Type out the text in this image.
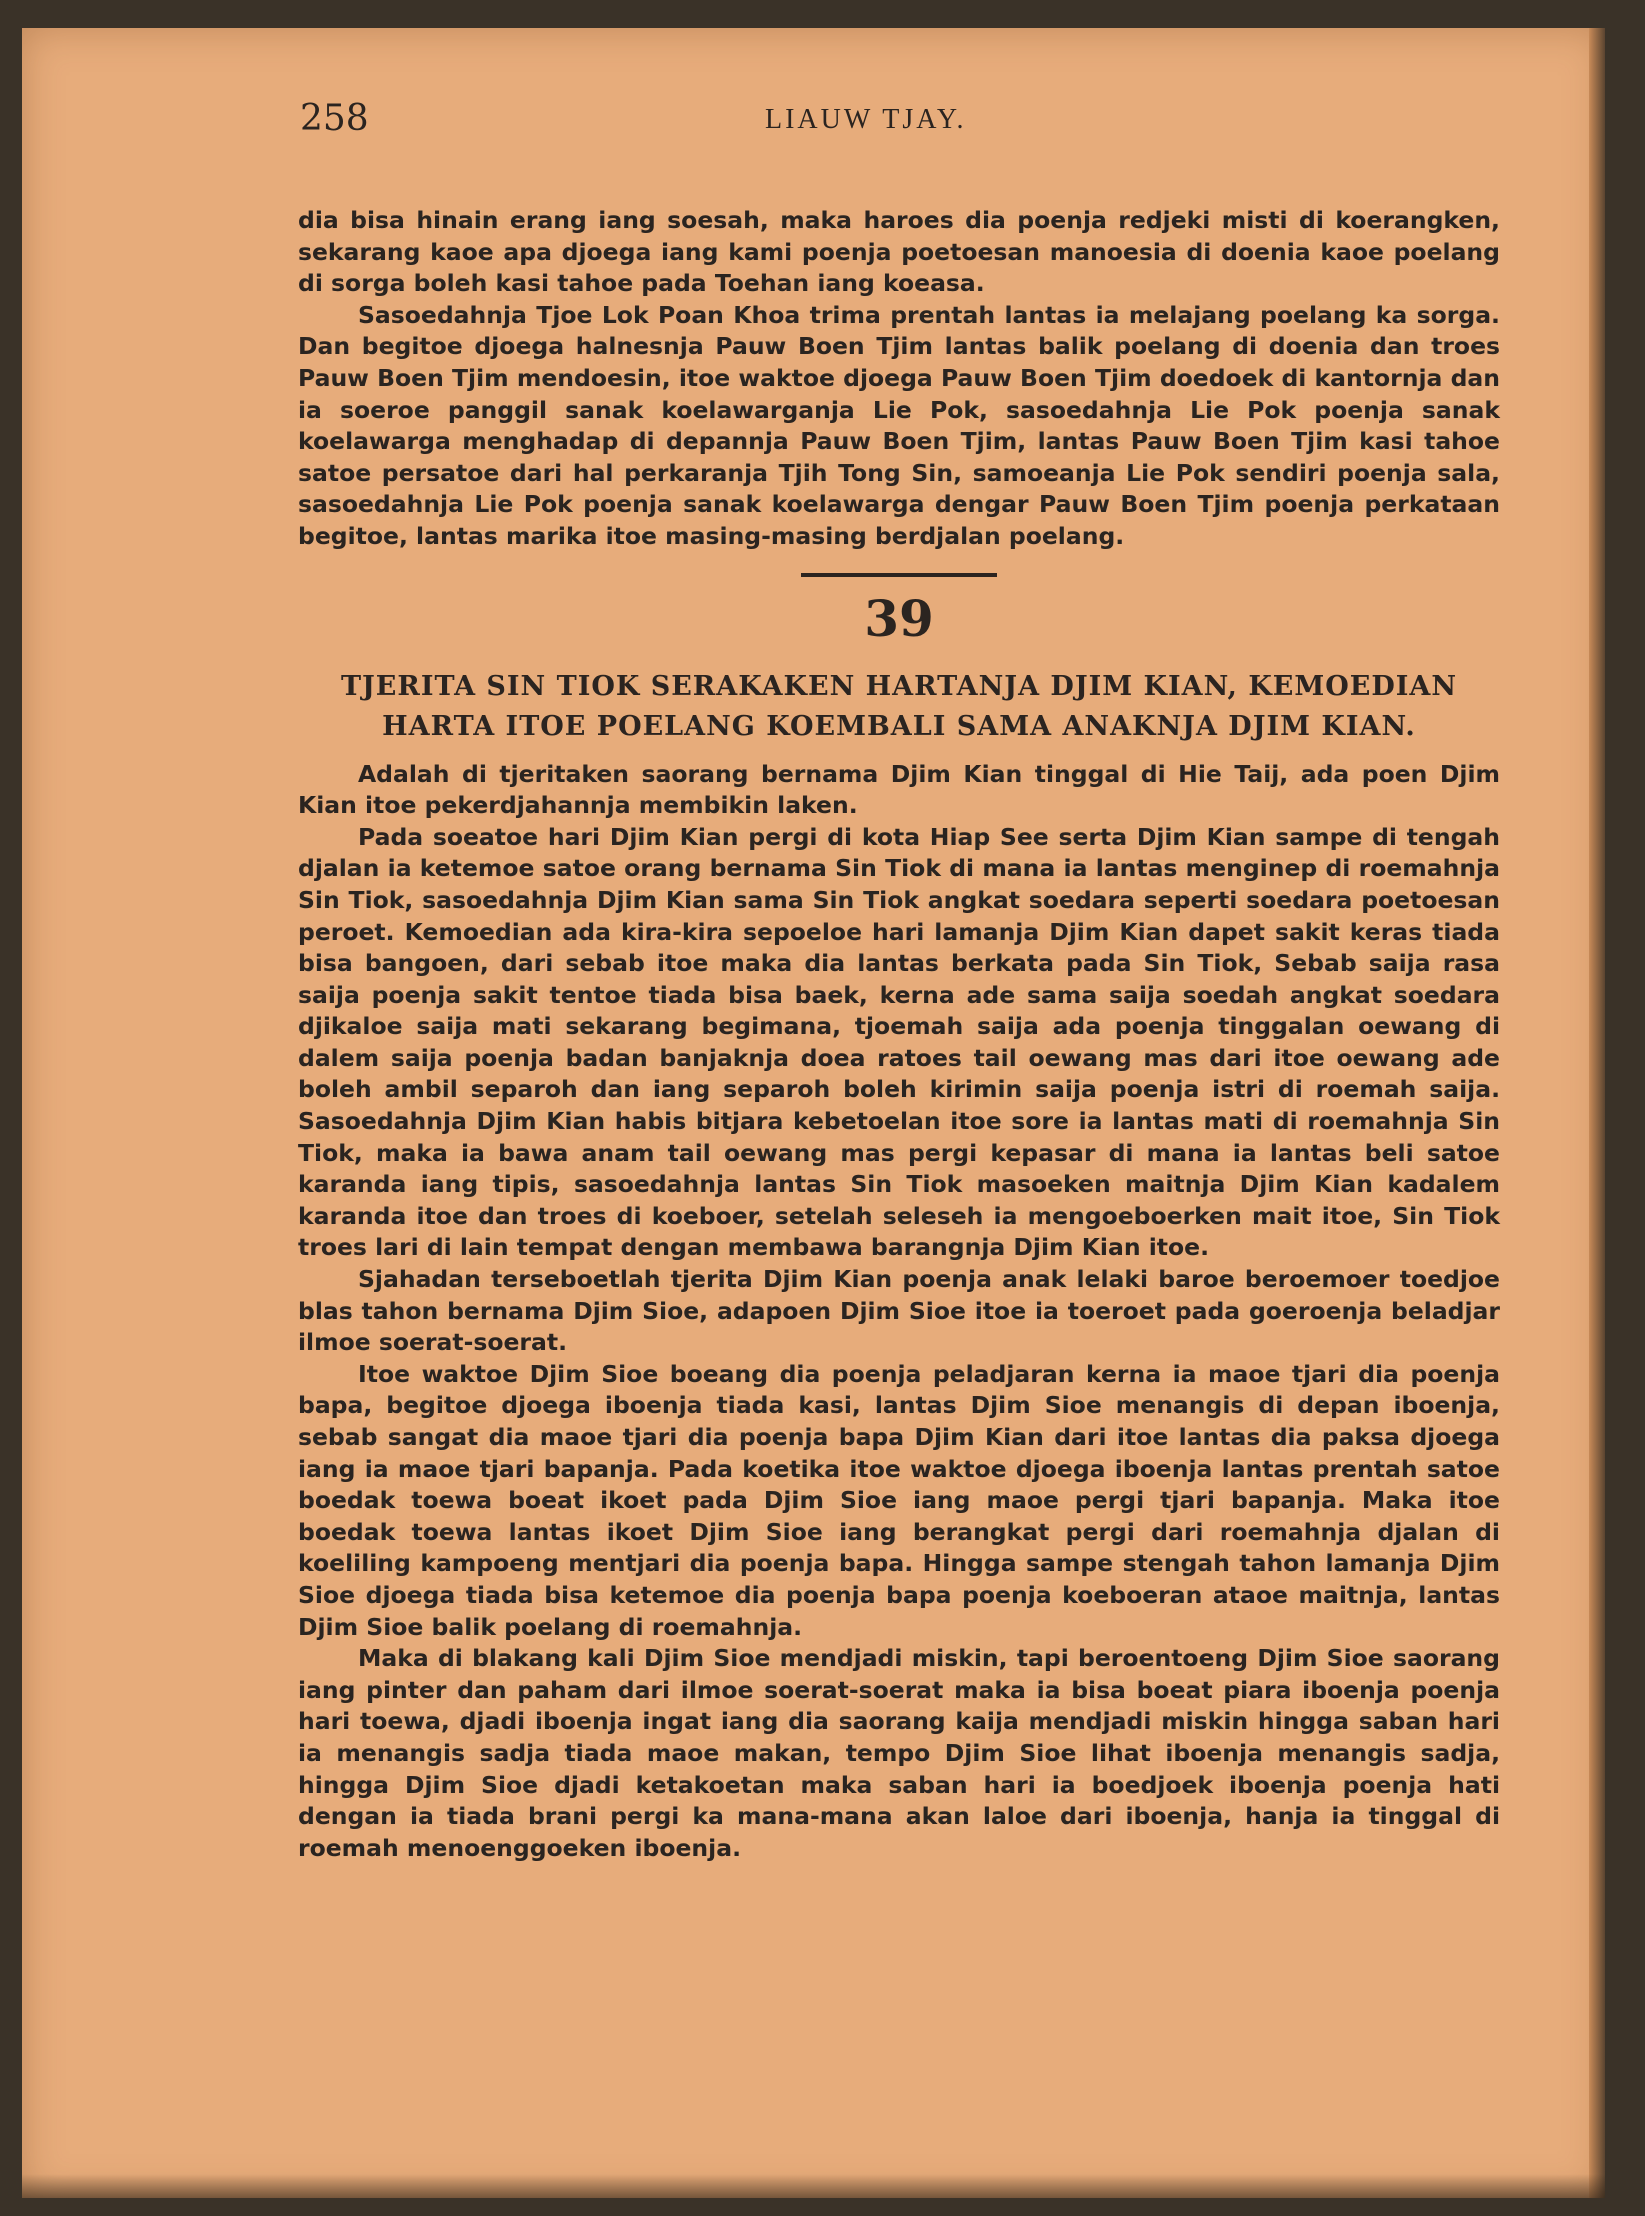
258	LIAUW TJAY.

dia bisa hinain erang iang soesah, maka haroes dia poenja redjeki misti di koerangken, sekarang kaoe apa djoega iang kami poenja poetoesan manoesia di doenia kaoe poelang di sorga boleh kasi tahoe pada Toehan iang koeasa.

Sasoedahnja Tjoe Lok Poan Khoa trima prentah lantas ia melajang poelang ka sorga. Dan begitoe djoega halnesnja Pauw Boen Tjim lantas balik poelang di doenia dan troes Pauw Boen Tjim mendoesin, itoe waktoe djoega Pauw Boen Tjim doedoek di kantornja dan ia soeroe panggil sanak koelawarganja Lie Pok, sasoedahnja Lie Pok poenja sanak koelawarga menghadap di depannja Pauw Boen Tjim, lantas Pauw Boen Tjim kasi tahoe satoe persatoe dari hal perkaranja Tjih Tong Sin, samoeanja Lie Pok sendiri poenja sala, sasoedahnja Lie Pok poenja sanak koelawarga dengar Pauw Boen Tjim poenja perkataan begitoe, lantas marika itoe masing-masing berdjalan poelang.

39
TJERITA SIN TIOK SERAKAKEN HARTANJA DJIM KIAN, KEMOEDIAN
HARTA ITOE POELANG KOEMBALI SAMA ANAKNJA DJIM KIAN.

Adalah di tjeritaken saorang bernama Djim Kian tinggal di Hie Taij, ada poen Djim Kian itoe pekerdjahannja membikin laken.

Pada soeatoe hari Djim Kian pergi di kota Hiap See serta Djim Kian sampe di tengah djalan ia ketemoe satoe orang bernama Sin Tiok di mana ia lantas menginep di roemahnja Sin Tiok, sasoedahnja Djim Kian sama Sin Tiok angkat soedara seperti soedara poetoesan peroet. Kemoedian ada kira-kira sepoeloe hari lamanja Djim Kian dapet sakit keras tiada bisa bangoen, dari sebab itoe maka dia lantas berkata pada Sin Tiok, Sebab saija rasa saija poenja sakit tentoe tiada bisa baek, kerna ade sama saija soedah angkat soedara djikaloe saija mati sekarang begimana, tjoemah saija ada poenja tinggalan oewang di dalem saija poenja badan banjaknja doea ratoes tail oewang mas dari itoe oewang ade boleh ambil separoh dan iang separoh boleh kirimin saija poenja istri di roemah saija. Sasoedahnja Djim Kian habis bitjara kebetoelan itoe sore ia lantas mati di roemahnja Sin Tiok, maka ia bawa anam tail oewang mas pergi kepasar di mana ia lantas beli satoe karanda iang tipis, sasoedahnja lantas Sin Tiok masoeken maitnja Djim Kian kadalem karanda itoe dan troes di koeboer, setelah seleseh ia mengoeboerken mait itoe, Sin Tiok troes lari di lain tempat dengan membawa barangnja Djim Kian itoe.

Sjahadan terseboetlah tjerita Djim Kian poenja anak lelaki baroe beroemoer toedjoe blas tahon bernama Djim Sioe, adapoen Djim Sioe itoe ia toeroet pada goeroenja beladjar ilmoe soerat-soerat.

Itoe waktoe Djim Sioe boeang dia poenja peladjaran kerna ia maoe tjari dia poenja bapa, begitoe djoega iboenja tiada kasi, lantas Djim Sioe menangis di depan iboenja, sebab sangat dia maoe tjari dia poenja bapa Djim Kian dari itoe lantas dia paksa djoega iang ia maoe tjari bapanja. Pada koetika itoe waktoe djoega iboenja lantas prentah satoe boedak toewa boeat ikoet pada Djim Sioe iang maoe pergi tjari bapanja. Maka itoe boedak toewa lantas ikoet Djim Sioe iang berangkat pergi dari roemahnja djalan di koeliling kampoeng mentjari dia poenja bapa. Hingga sampe stengah tahon lamanja Djim Sioe djoega tiada bisa ketemoe dia poenja bapa poenja koeboeran ataoe maitnja, lantas Djim Sioe balik poelang di roemahnja.

Maka di blakang kali Djim Sioe mendjadi miskin, tapi beroentoeng Djim Sioe saorang iang pinter dan paham dari ilmoe soerat-soerat maka ia bisa boeat piara iboenja poenja hari toewa, djadi iboenja ingat iang dia saorang kaija mendjadi miskin hingga saban hari ia menangis sadja tiada maoe makan, tempo Djim Sioe lihat iboenja menangis sadja, hingga Djim Sioe djadi ketakoetan maka saban hari ia boedjoek iboenja poenja hati dengan ia tiada brani pergi ka mana-mana akan laloe dari iboenja, hanja ia tinggal di roemah menoenggoeken iboenja.
